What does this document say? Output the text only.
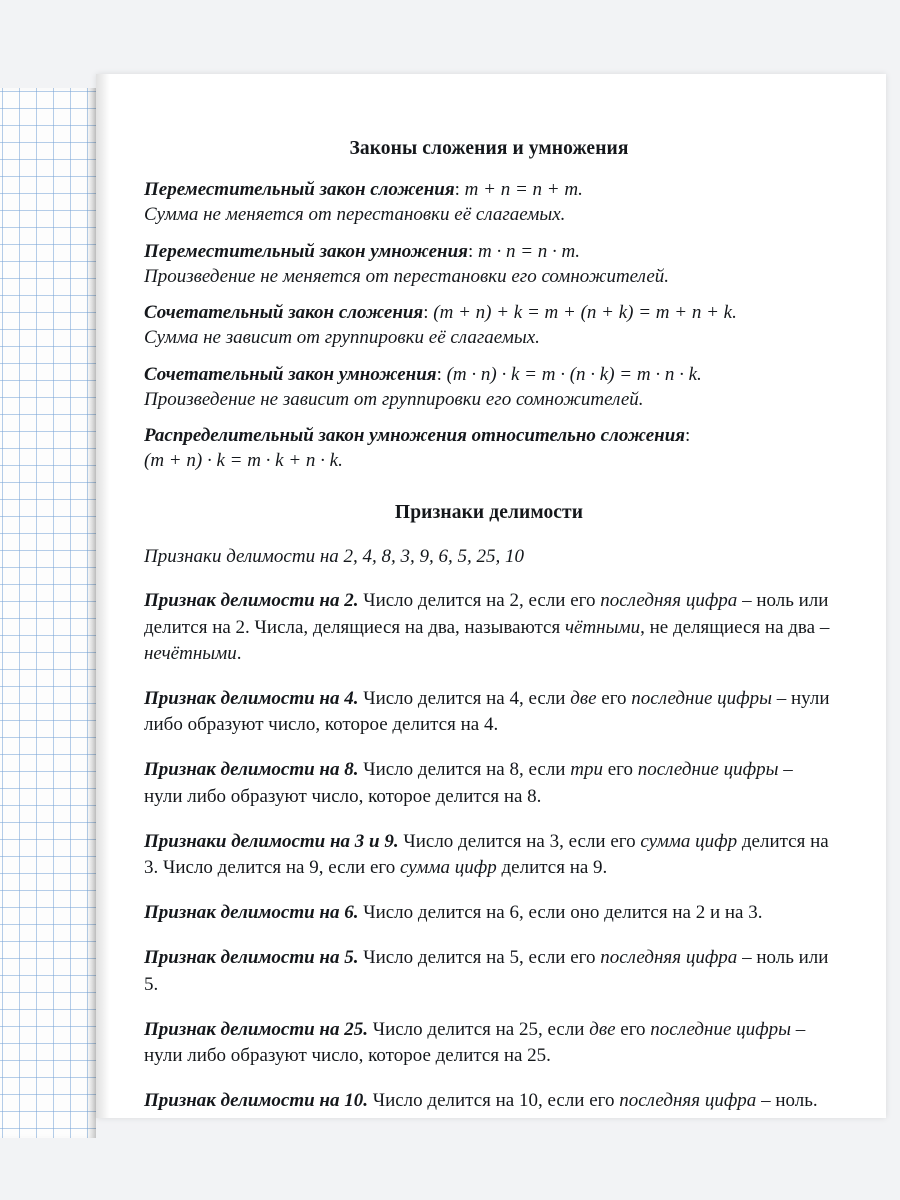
Законы сложения и умножения
Переместительный закон сложения: m + n = n + m.
Сумма не меняется от перестановки её слагаемых.
Переместительный закон умножения: m · n = n · m.
Произведение не меняется от перестановки его сомножителей.
Сочетательный закон сложения: (m + n) + k = m + (n + k) = m + n + k.
Сумма не зависит от группировки её слагаемых.
Сочетательный закон умножения: (m · n) · k = m · (n · k) = m · n · k.
Произведение не зависит от группировки его сомножителей.
Распределительный закон умножения относительно сложения:
(m + n) · k = m · k + n · k.
Признаки делимости
Признаки делимости на 2, 4, 8, 3, 9, 6, 5, 25, 10

Признак делимости на 2. Число делится на 2, если его последняя цифра – ноль или делится на 2. Числа, делящиеся на два, называются чётными, не делящиеся на два – нечётными.

Признак делимости на 4. Число делится на 4, если две его последние цифры – нули либо образуют число, которое делится на 4.

Признак делимости на 8. Число делится на 8, если три его последние цифры – нули либо образуют число, которое делится на 8.

Признаки делимости на 3 и 9. Число делится на 3, если его сумма цифр делится на 3. Число делится на 9, если его сумма цифр делится на 9.

Признак делимости на 6. Число делится на 6, если оно делится на 2 и на 3.

Признак делимости на 5. Число делится на 5, если его последняя цифра – ноль или 5.

Признак делимости на 25. Число делится на 25, если две его последние цифры – нули либо образуют число, которое делится на 25.

Признак делимости на 10. Число делится на 10, если его последняя цифра – ноль.
